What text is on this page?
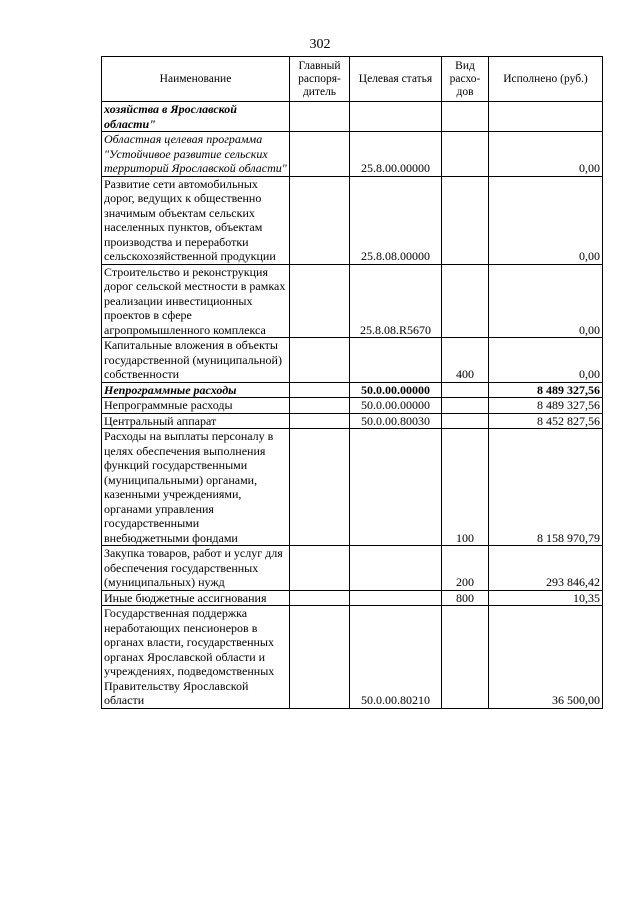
302
Наименование	Главный распоря-дитель	Целевая статья	Вид расхо-дов	Исполнено (руб.)
хозяйства в Ярославской области"				
Областная целевая программа "Устойчивое развитие сельских территорий Ярославской области"		25.8.00.00000		0,00
Развитие сети автомобильных дорог, ведущих к общественно значимым объектам сельских населенных пунктов, объектам производства и переработки сельскохозяйственной продукции		25.8.08.00000		0,00
Строительство и реконструкция дорог сельской местности в рамках реализации инвестиционных проектов в сфере агропромышленного комплекса		25.8.08.R5670		0,00
Капитальные вложения в объекты государственной (муниципальной) собственности			400	0,00
Непрограммные расходы		50.0.00.00000		8 489 327,56
Непрограммные расходы		50.0.00.00000		8 489 327,56
Центральный аппарат		50.0.00.80030		8 452 827,56
Расходы на выплаты персоналу в целях обеспечения выполнения функций государственными (муниципальными) органами, казенными учреждениями, органами управления государственными внебюджетными фондами			100	8 158 970,79
Закупка товаров, работ и услуг для обеспечения государственных (муниципальных) нужд			200	293 846,42
Иные бюджетные ассигнования			800	10,35
Государственная поддержка неработающих пенсионеров в органах власти, государственных органах Ярославской области и учреждениях, подведомственных Правительству Ярославской области		50.0.00.80210		36 500,00
